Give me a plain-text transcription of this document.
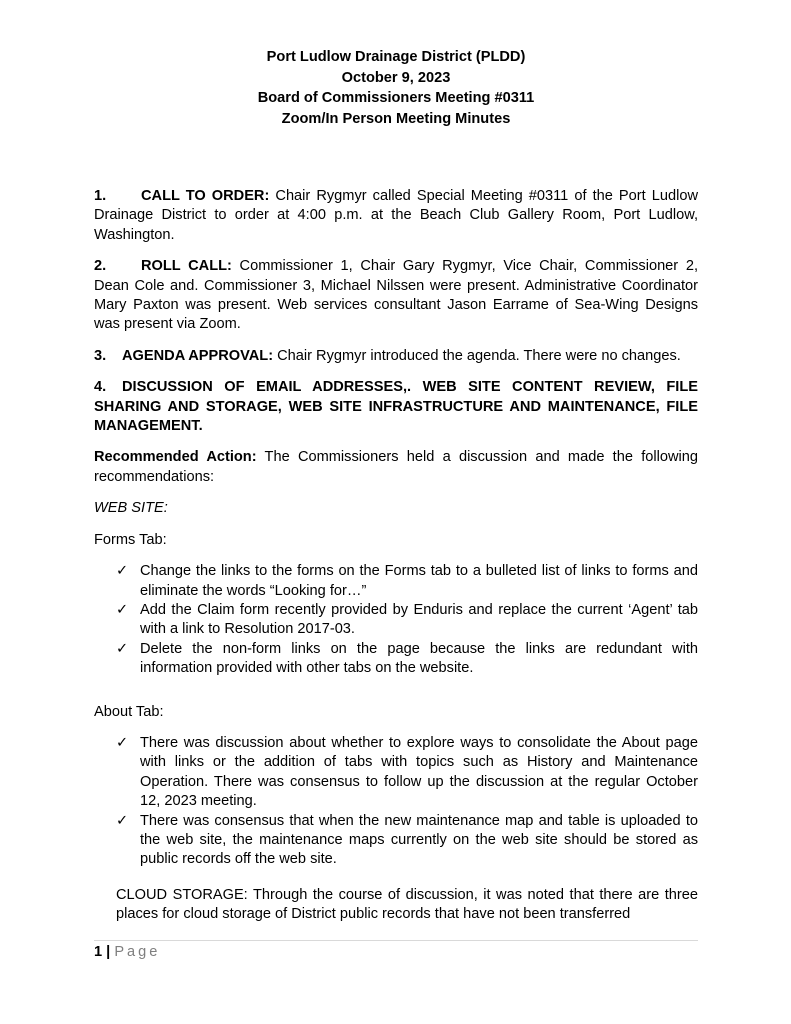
Port Ludlow Drainage District (PLDD)
October 9, 2023
Board of Commissioners Meeting #0311
Zoom/In Person Meeting Minutes

1. CALL TO ORDER: Chair Rygmyr called Special Meeting #0311 of the Port Ludlow Drainage District to order at 4:00 p.m. at the Beach Club Gallery Room, Port Ludlow, Washington.

2. ROLL CALL: Commissioner 1, Chair Gary Rygmyr, Vice Chair, Commissioner 2, Dean Cole and. Commissioner 3, Michael Nilssen were present. Administrative Coordinator Mary Paxton was present. Web services consultant Jason Earrame of Sea-Wing Designs was present via Zoom.

3. AGENDA APPROVAL: Chair Rygmyr introduced the agenda. There were no changes.

4. DISCUSSION OF EMAIL ADDRESSES,. WEB SITE CONTENT REVIEW, FILE SHARING AND STORAGE, WEB SITE INFRASTRUCTURE AND MAINTENANCE, FILE MANAGEMENT.

Recommended Action: The Commissioners held a discussion and made the following recommendations:

WEB SITE:

Forms Tab:

✓ Change the links to the forms on the Forms tab to a bulleted list of links to forms and eliminate the words “Looking for…”
✓ Add the Claim form recently provided by Enduris and replace the current ‘Agent’ tab with a link to Resolution 2017-03.
✓ Delete the non-form links on the page because the links are redundant with information provided with other tabs on the website.

About Tab:

✓ There was discussion about whether to explore ways to consolidate the About page with links or the addition of tabs with topics such as History and Maintenance Operation. There was consensus to follow up the discussion at the regular October 12, 2023 meeting.
✓ There was consensus that when the new maintenance map and table is uploaded to the web site, the maintenance maps currently on the web site should be stored as public records off the web site.

CLOUD STORAGE: Through the course of discussion, it was noted that there are three places for cloud storage of District public records that have not been transferred

1 | Page
